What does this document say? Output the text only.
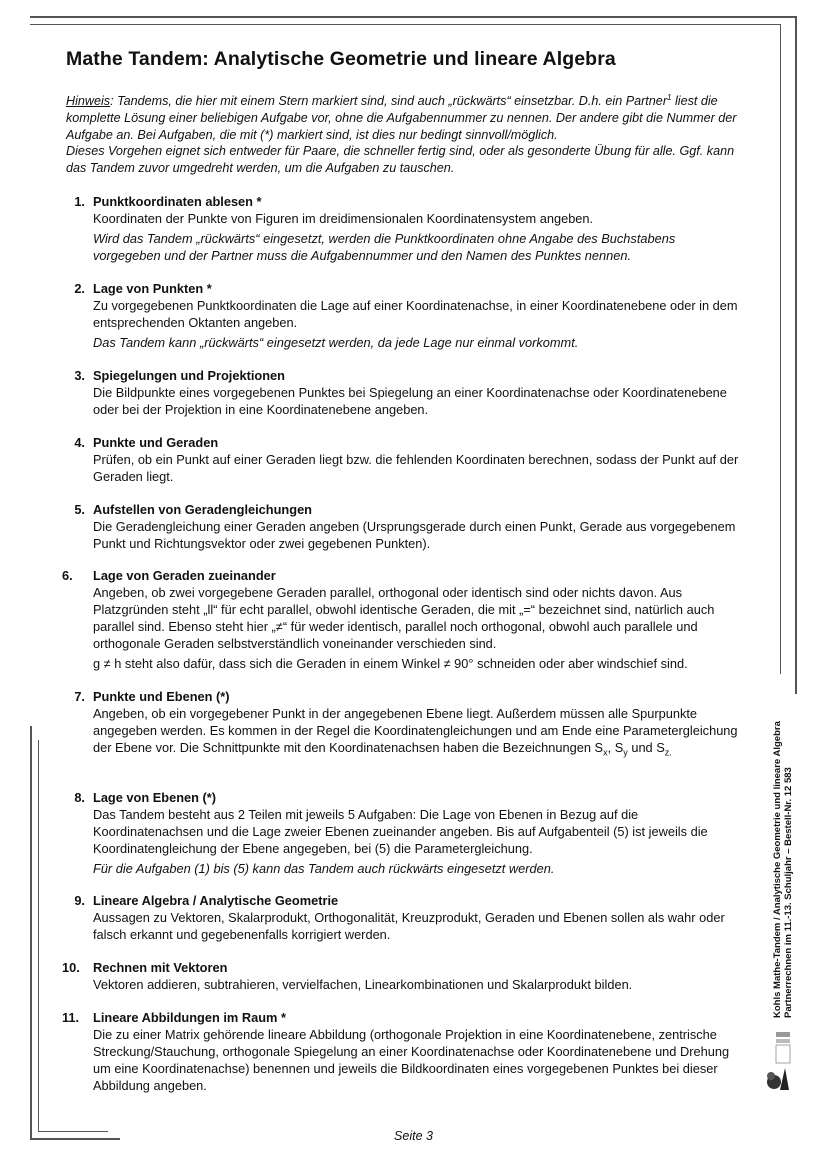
Mathe Tandem: Analytische Geometrie und lineare Algebra

Hinweis: Tandems, die hier mit einem Stern markiert sind, sind auch „rückwärts“ einsetzbar. D.h. ein Partner$^1$ liest die komplette Lösung einer beliebigen Aufgabe vor, ohne die Aufgabennummer zu nennen. Der andere gibt die Nummer der Aufgabe an. Bei Aufgaben, die mit (*) markiert sind, ist dies nur bedingt sinnvoll/möglich.

Dieses Vorgehen eignet sich entweder für Paare, die schneller fertig sind, oder als gesonderte Übung für alle. Ggf. kann das Tandem zuvor umgedreht werden, um die Aufgaben zu tauschen.

1. Punktkoordinaten ablesen *
Koordinaten der Punkte von Figuren im dreidimensionalen Koordinatensystem angeben.
Wird das Tandem „rückwärts“ eingesetzt, werden die Punktkoordinaten ohne Angabe des Buchstabens vorgegeben und der Partner muss die Aufgabennummer und den Namen des Punktes nennen.
2. Lage von Punkten *
Zu vorgegebenen Punktkoordinaten die Lage auf einer Koordinatenachse, in einer Koordinatenebene oder in dem entsprechenden Oktanten angeben.
Das Tandem kann „rückwärts“ eingesetzt werden, da jede Lage nur einmal vorkommt.
3. Spiegelungen und Projektionen
Die Bildpunkte eines vorgegebenen Punktes bei Spiegelung an einer Koordinatenachse oder Koordinatenebene oder bei der Projektion in eine Koordinatenebene angeben.
4. Punkte und Geraden
Prüfen, ob ein Punkt auf einer Geraden liegt bzw. die fehlenden Koordinaten berechnen, sodass der Punkt auf der Geraden liegt.
5. Aufstellen von Geradengleichungen
Die Geradengleichung einer Geraden angeben (Ursprungsgerade durch einen Punkt, Gerade aus vorgegebenem Punkt und Richtungsvektor oder zwei gegebenen Punkten).
6.	Lage von Geraden zueinander
Angeben, ob zwei vorgegebene Geraden parallel, orthogonal oder identisch sind oder nichts davon. Aus Platzgründen steht „ll“ für echt parallel, obwohl identische Geraden, die mit „=“ bezeichnet sind, natürlich auch parallel sind. Ebenso steht hier „≠“ für weder identisch, parallel noch orthogonal, obwohl auch parallele und orthogonale Geraden selbstverständlich voneinander verschieden sind.
g ≠ h steht also dafür, dass sich die Geraden in einem Winkel ≠ 90° schneiden oder aber windschief sind.
7. Punkte und Ebenen (*)
Angeben, ob ein vorgegebener Punkt in der angegebenen Ebene liegt. Außerdem müssen alle Spurpunkte angegeben werden. Es kommen in der Regel die Koordinatengleichungen und am Ende eine Parametergleichung der Ebene vor. Die Schnittpunkte mit den Koordinatenachsen haben die Bezeichnungen $S_x$, $S_y$ und $S_{z.}$
8. Lage von Ebenen (*)
Das Tandem besteht aus 2 Teilen mit jeweils 5 Aufgaben: Die Lage von Ebenen in Bezug auf die Koordinatenachsen und die Lage zweier Ebenen zueinander angeben. Bis auf Aufgabenteil (5) ist jeweils die Koordinatengleichung der Ebene angegeben, bei (5) die Parametergleichung.
Für die Aufgaben (1) bis (5) kann das Tandem auch rückwärts eingesetzt werden.
9. Lineare Algebra / Analytische Geometrie
Aussagen zu Vektoren, Skalarprodukt, Orthogonalität, Kreuzprodukt, Geraden und Ebenen sollen als wahr oder falsch erkannt und gegebenenfalls korrigiert werden.
10.	Rechnen mit Vektoren
Vektoren addieren, subtrahieren, vervielfachen, Linearkombinationen und Skalarprodukt bilden.
11.	Lineare Abbildungen im Raum *
Die zu einer Matrix gehörende lineare Abbildung (orthogonale Projektion in eine Koordinatenebene, zentrische Streckung/Stauchung, orthogonale Spiegelung an einer Koordinatenachse oder Koordinatenebene und Drehung um eine Koordinatenachse) benennen und jeweils die Bildkoordinaten eines vorgegebenen Punktes bei dieser Abbildung angeben.
Seite 3
Kohls Mathe-Tandem / Analytische Geometrie und lineare Algebra Partnerrechnen im 11.-13. Schuljahr – Bestell-Nr. 12 583
